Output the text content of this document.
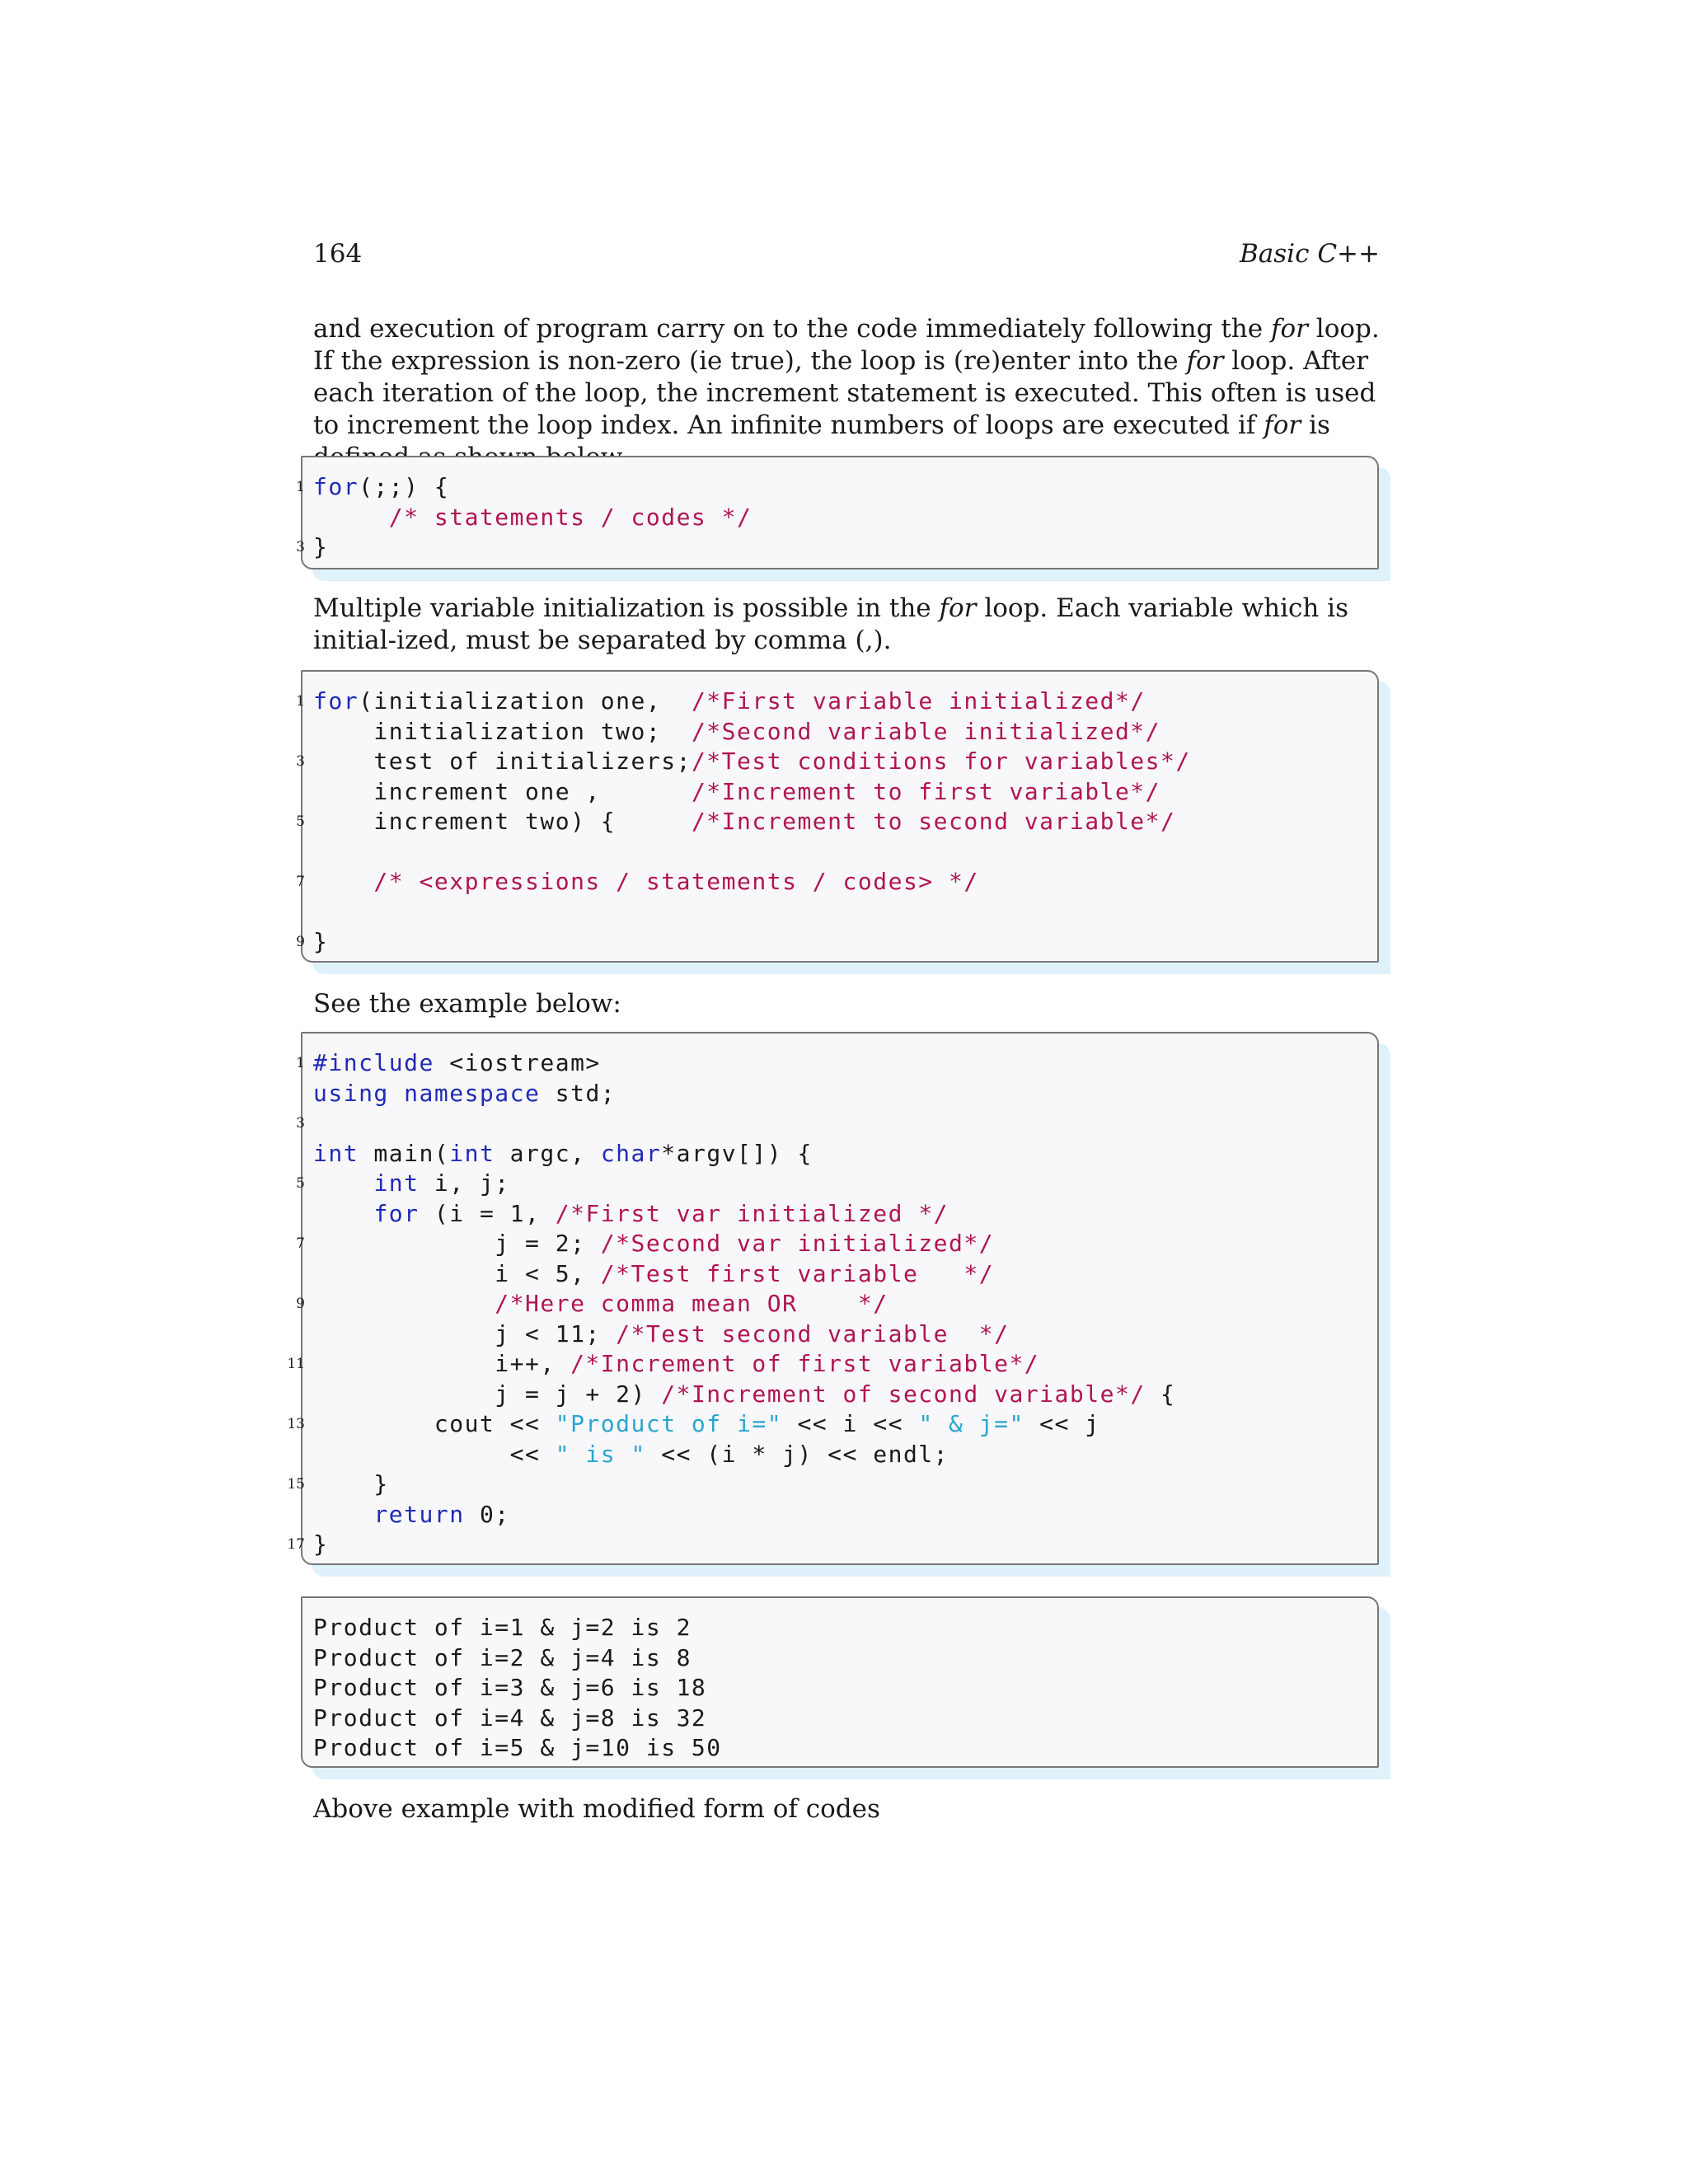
164	Basic C++

and execution of program carry on to the code immediately following the for loop. If the expression is non-zero (ie true), the loop is (re)enter into the for loop. After each iteration of the loop, the increment statement is executed. This often is used to increment the loop index. An infinite numbers of loops are executed if for is

1 for(;;) {
/* statements / codes */
3 }

Multiple variable initialization is possible in the for loop. Each variable which is initial-ized, must be separated by comma (,).

1 for(initialization one,  /*First variable initialized*/
initialization two;  /*Second variable initialized*/
3 test of initializers;/*Test conditions for variables*/
increment one ,      /*Increment to first variable*/
5 increment two) {     /*Increment to second variable*/
7 /* <expressions / statements / codes> */
9 }

See the example below:

1 #include <iostream>
using namespace std;
3
int main(int argc, char*argv[]) {
5	int i, j;
for (i = 1, /*First var initialized */
7 j = 2; /*Second var initialized*/
i < 5, /*Test first variable   */
9	/*Here comma mean OR    */
j < 11; /*Test second variable  */
11 i++, /*Increment of first variable*/
j = j + 2) /*Increment of second variable*/ {
13 cout << "Product of i=" << i << " & j=" << j
<< " is " << (i * j) << endl;
15 }
return 0;
17 }
Product of i=1 & j=2 is 2
Product of i=2 & j=4 is 8
Product of i=3 & j=6 is 18
Product of i=4 & j=8 is 32
Product of i=5 & j=10 is 50

Above example with modified form of codes
